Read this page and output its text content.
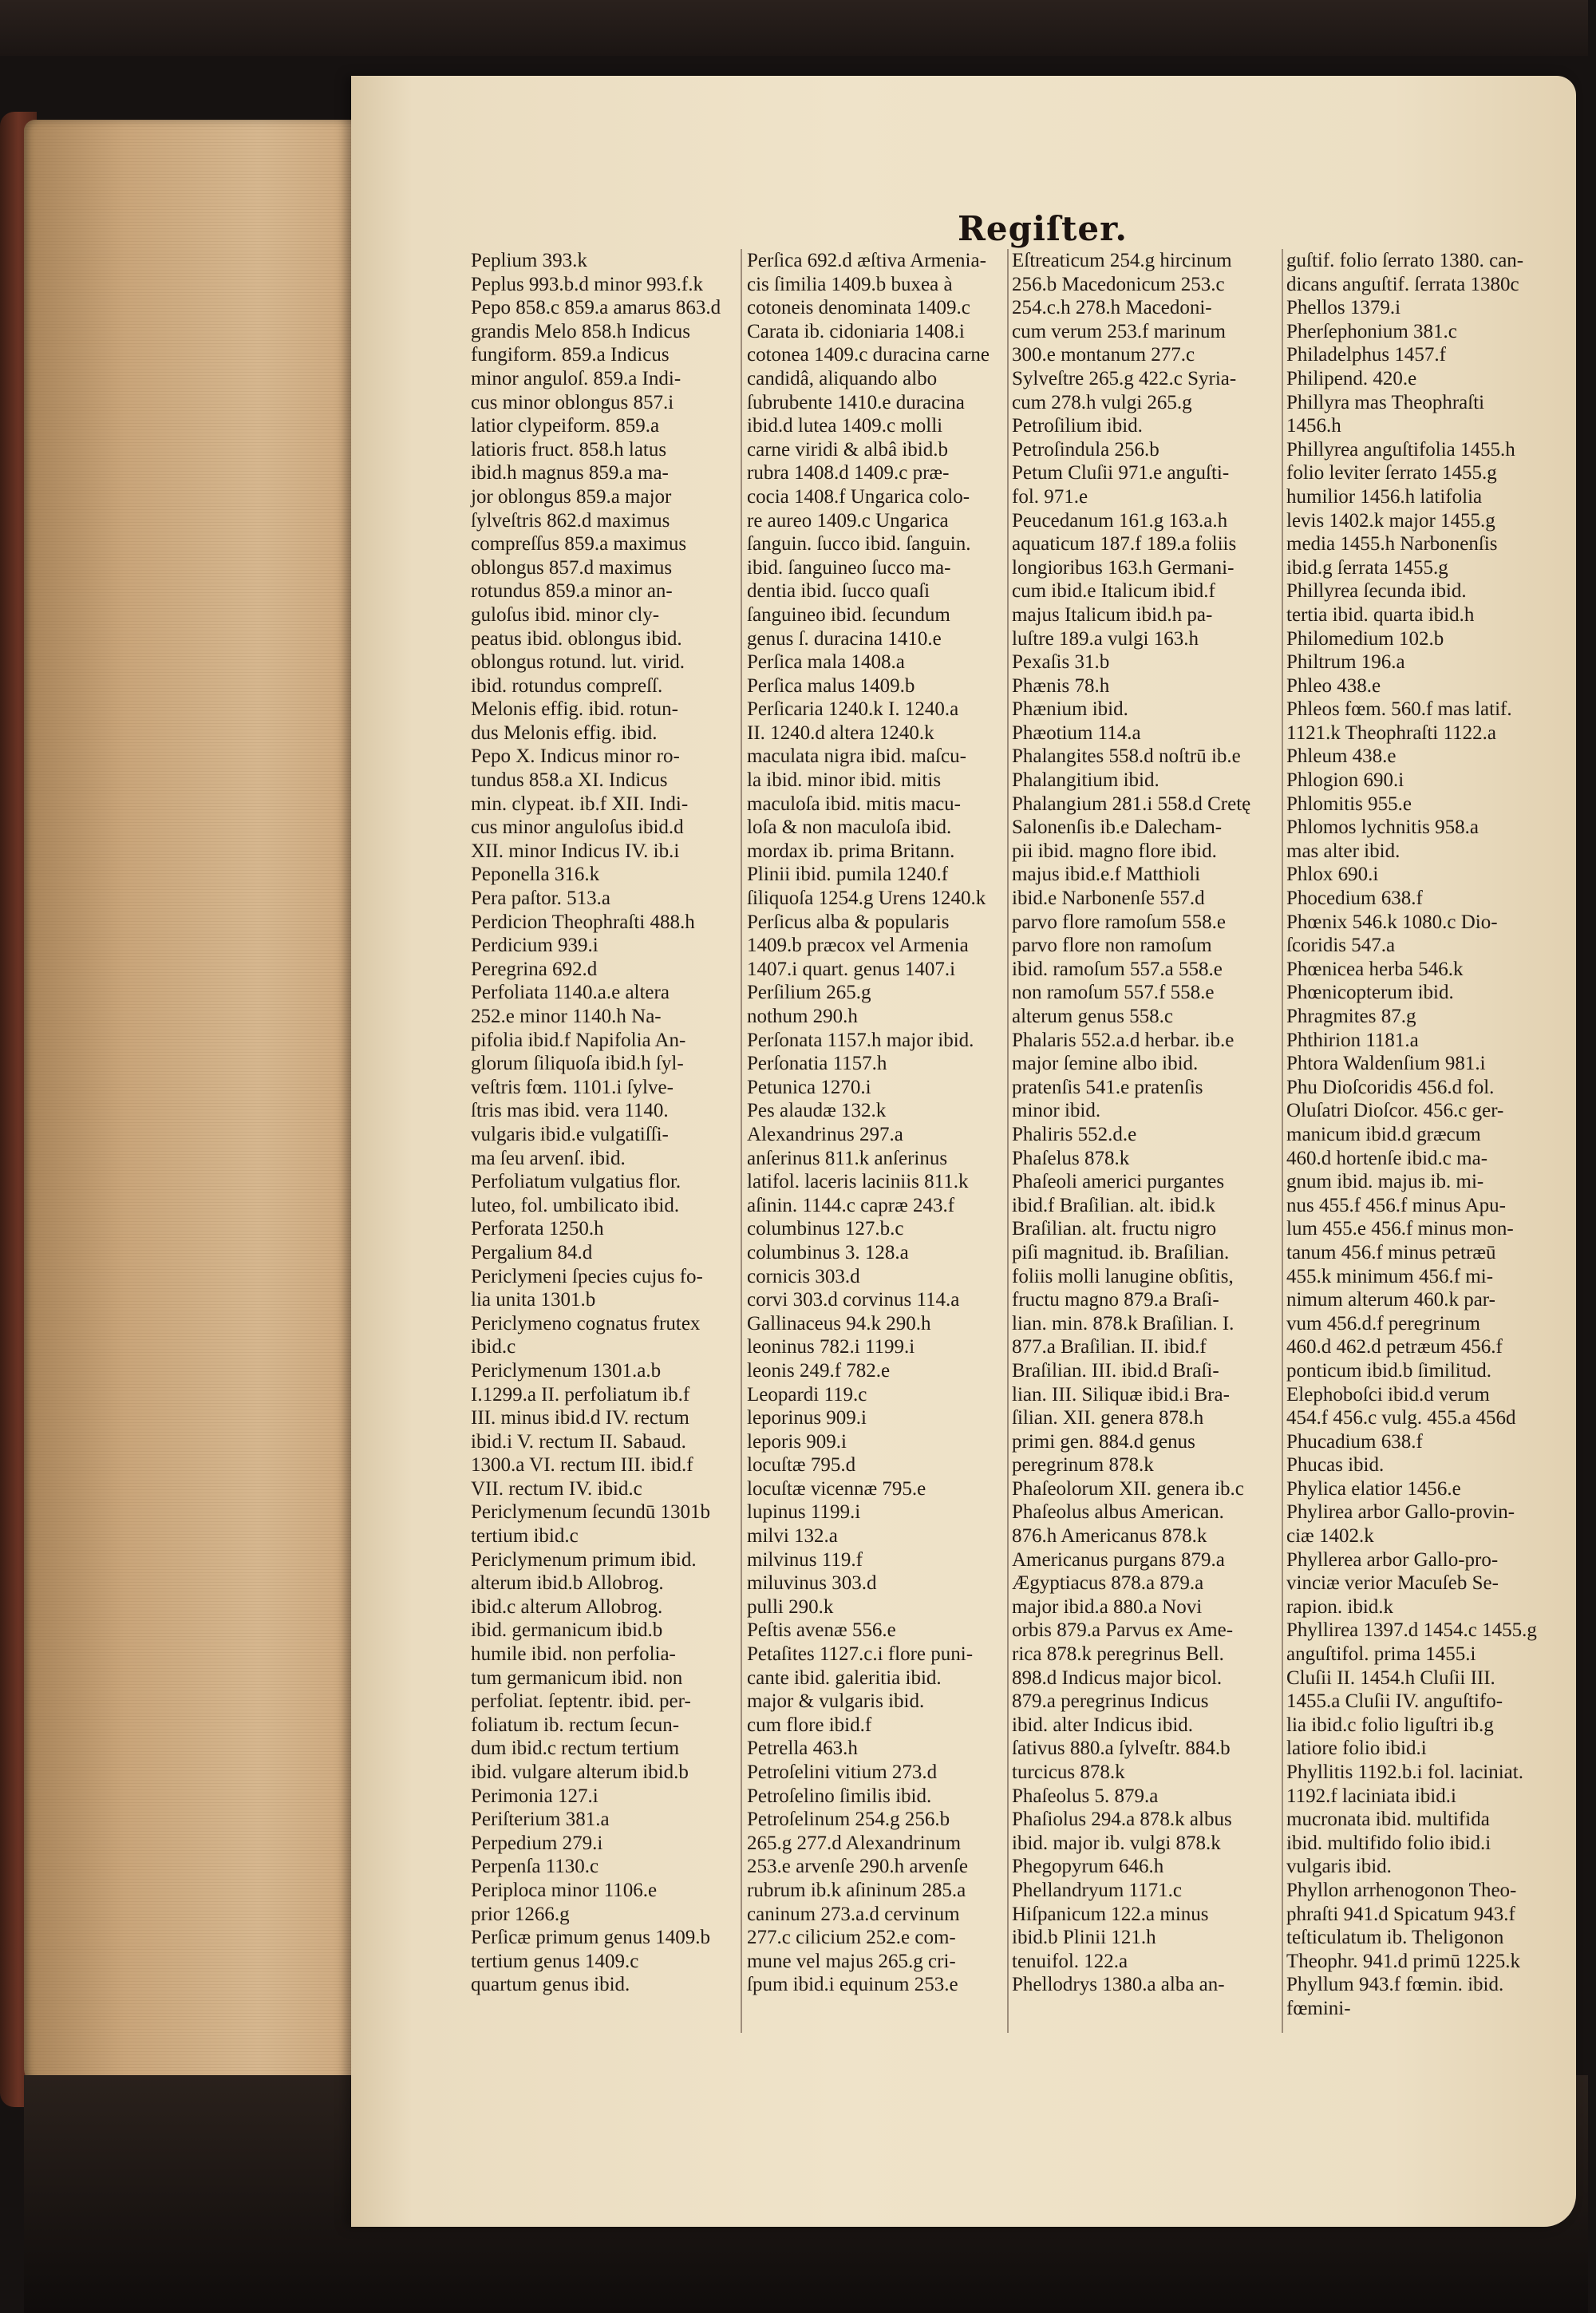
Regiſter.
Peplium 393.k
Peplus 993.b.d minor 993.f.k
Pepo 858.c 859.a amarus 863.d
grandis Melo 858.h Indicus
fungiform. 859.a Indicus
minor anguloſ. 859.a Indi-
cus minor oblongus 857.i
latior clypeiform. 859.a
latioris fruct. 858.h latus
ibid.h magnus 859.a ma-
jor oblongus 859.a major
ſylveſtris 862.d maximus
compreſſus 859.a maximus
oblongus 857.d maximus
rotundus 859.a minor an-
guloſus ibid. minor cly-
peatus ibid. oblongus ibid.
oblongus rotund. lut. virid.
ibid. rotundus compreſſ.
Melonis effig. ibid. rotun-
dus Melonis effig. ibid.
Pepo X. Indicus minor ro-
tundus 858.a XI. Indicus
min. clypeat. ib.f XII. Indi-
cus minor anguloſus ibid.d
XII. minor Indicus IV. ib.i
Peponella 316.k
Pera paſtor. 513.a
Perdicion Theophraſti 488.h
Perdicium 939.i
Peregrina 692.d
Perfoliata 1140.a.e altera
252.e minor 1140.h Na-
pifolia ibid.f Napifolia An-
glorum ſiliquoſa ibid.h ſyl-
veſtris fœm. 1101.i ſylve-
ſtris mas ibid. vera 1140.
vulgaris ibid.e vulgatiſſi-
ma ſeu arvenſ. ibid.
Perfoliatum vulgatius flor.
luteo, fol. umbilicato ibid.
Perforata 1250.h
Pergalium 84.d
Periclymeni ſpecies cujus fo-
lia unita 1301.b
Periclymeno cognatus frutex
ibid.c
Periclymenum 1301.a.b
I.1299.a II. perfoliatum ib.f
III. minus ibid.d IV. rectum
ibid.i V. rectum II. Sabaud.
1300.a VI. rectum III. ibid.f
VII. rectum IV. ibid.c
Periclymenum ſecundū 1301b
tertium ibid.c
Periclymenum primum ibid.
alterum ibid.b Allobrog.
ibid.c alterum Allobrog.
ibid. germanicum ibid.b
humile ibid. non perfolia-
tum germanicum ibid. non
perfoliat. ſeptentr. ibid. per-
foliatum ib. rectum ſecun-
dum ibid.c rectum tertium
ibid. vulgare alterum ibid.b
Perimonia 127.i
Periſterium 381.a
Perpedium 279.i
Perpenſa 1130.c
Periploca minor 1106.e
prior 1266.g
Perſicæ primum genus 1409.b
tertium genus 1409.c
quartum genus ibid.
Perſica 692.d æſtiva Armenia-
cis ſimilia 1409.b buxea à
cotoneis denominata 1409.c
Carata ib. cidoniaria 1408.i
cotonea 1409.c duracina carne
candidâ, aliquando albo
ſubrubente 1410.e duracina
ibid.d lutea 1409.c molli
carne viridi & albâ ibid.b
rubra 1408.d 1409.c præ-
cocia 1408.f Ungarica colo-
re aureo 1409.c Ungarica
ſanguin. ſucco ibid. ſanguin.
ibid. ſanguineo ſucco ma-
dentia ibid. ſucco quaſi
ſanguineo ibid. ſecundum
genus ſ. duracina 1410.e
Perſica mala 1408.a
Perſica malus 1409.b
Perſicaria 1240.k I. 1240.a
II. 1240.d altera 1240.k
maculata nigra ibid. maſcu-
la ibid. minor ibid. mitis
maculoſa ibid. mitis macu-
loſa & non maculoſa ibid.
mordax ib. prima Britann.
Plinii ibid. pumila 1240.f
ſiliquoſa 1254.g Urens 1240.k
Perſicus alba & popularis
1409.b præcox vel Armenia
1407.i quart. genus 1407.i
Perſilium 265.g
nothum 290.h
Perſonata 1157.h major ibid.
Perſonatia 1157.h
Petunica 1270.i
Pes alaudæ 132.k
Alexandrinus 297.a
anſerinus 811.k anſerinus
latifol. laceris laciniis 811.k
aſinin. 1144.c capræ 243.f
columbinus 127.b.c
columbinus 3. 128.a
cornicis 303.d
corvi 303.d corvinus 114.a
Gallinaceus 94.k 290.h
leoninus 782.i 1199.i
leonis 249.f 782.e
Leopardi 119.c
leporinus 909.i
leporis 909.i
locuſtæ 795.d
locuſtæ vicennæ 795.e
lupinus 1199.i
milvi 132.a
milvinus 119.f
miluvinus 303.d
pulli 290.k
Peſtis avenæ 556.e
Petaſites 1127.c.i flore puni-
cante ibid. galeritia ibid.
major & vulgaris ibid.
cum flore ibid.f
Petrella 463.h
Petroſelini vitium 273.d
Petroſelino ſimilis ibid.
Petroſelinum 254.g 256.b
265.g 277.d Alexandrinum
253.e arvenſe 290.h arvenſe
rubrum ib.k aſininum 285.a
caninum 273.a.d cervinum
277.c cilicium 252.e com-
mune vel majus 265.g cri-
ſpum ibid.i equinum 253.e
Eſtreaticum 254.g hircinum
256.b Macedonicum 253.c
254.c.h 278.h Macedoni-
cum verum 253.f marinum
300.e montanum 277.c
Sylveſtre 265.g 422.c Syria-
cum 278.h vulgi 265.g
Petroſilium ibid.
Petroſindula 256.b
Petum Cluſii 971.e anguſti-
fol. 971.e
Peucedanum 161.g 163.a.h
aquaticum 187.f 189.a foliis
longioribus 163.h Germani-
cum ibid.e Italicum ibid.f
majus Italicum ibid.h pa-
luſtre 189.a vulgi 163.h
Pexaſis 31.b
Phænis 78.h
Phænium ibid.
Phæotium 114.a
Phalangites 558.d noſtrū ib.e
Phalangitium ibid.
Phalangium 281.i 558.d Cretę
Salonenſis ib.e Dalecham-
pii ibid. magno flore ibid.
majus ibid.e.f Matthioli
ibid.e Narbonenſe 557.d
parvo flore ramoſum 558.e
parvo flore non ramoſum
ibid. ramoſum 557.a 558.e
non ramoſum 557.f 558.e
alterum genus 558.c
Phalaris 552.a.d herbar. ib.e
major ſemine albo ibid.
pratenſis 541.e pratenſis
minor ibid.
Phaliris 552.d.e
Phaſelus 878.k
Phaſeoli americi purgantes
ibid.f Braſilian. alt. ibid.k
Braſilian. alt. fructu nigro
piſi magnitud. ib. Braſilian.
foliis molli lanugine obſitis,
fructu magno 879.a Braſi-
lian. min. 878.k Braſilian. I.
877.a Braſilian. II. ibid.f
Braſilian. III. ibid.d Braſi-
lian. III. Siliquæ ibid.i Bra-
ſilian. XII. genera 878.h
primi gen. 884.d genus
peregrinum 878.k
Phaſeolorum XII. genera ib.c
Phaſeolus albus American.
876.h Americanus 878.k
Americanus purgans 879.a
Ægyptiacus 878.a 879.a
major ibid.a 880.a Novi
orbis 879.a Parvus ex Ame-
rica 878.k peregrinus Bell.
898.d Indicus major bicol.
879.a peregrinus Indicus
ibid. alter Indicus ibid.
ſativus 880.a ſylveſtr. 884.b
turcicus 878.k
Phaſeolus 5. 879.a
Phaſiolus 294.a 878.k albus
ibid. major ib. vulgi 878.k
Phegopyrum 646.h
Phellandryum 1171.c
Hiſpanicum 122.a minus
ibid.b Plinii 121.h
tenuifol. 122.a
Phellodrys 1380.a alba an-
guſtif. folio ſerrato 1380. can-
dicans anguſtif. ſerrata 1380c
Phellos 1379.i
Pherſephonium 381.c
Philadelphus 1457.f
Philipend. 420.e
Phillyra mas Theophraſti
1456.h
Phillyrea anguſtifolia 1455.h
folio leviter ſerrato 1455.g
humilior 1456.h latifolia
levis 1402.k major 1455.g
media 1455.h Narbonenſis
ibid.g ſerrata 1455.g
Phillyrea ſecunda ibid.
tertia ibid. quarta ibid.h
Philomedium 102.b
Philtrum 196.a
Phleo 438.e
Phleos fœm. 560.f mas latif.
1121.k Theophraſti 1122.a
Phleum 438.e
Phlogion 690.i
Phlomitis 955.e
Phlomos lychnitis 958.a
mas alter ibid.
Phlox 690.i
Phocedium 638.f
Phœnix 546.k 1080.c Dio-
ſcoridis 547.a
Phœnicea herba 546.k
Phœnicopterum ibid.
Phragmites 87.g
Phthirion 1181.a
Phtora Waldenſium 981.i
Phu Dioſcoridis 456.d fol.
Oluſatri Dioſcor. 456.c ger-
manicum ibid.d græcum
460.d hortenſe ibid.c ma-
gnum ibid. majus ib. mi-
nus 455.f 456.f minus Apu-
lum 455.e 456.f minus mon-
tanum 456.f minus petræū
455.k minimum 456.f mi-
nimum alterum 460.k par-
vum 456.d.f peregrinum
460.d 462.d petræum 456.f
ponticum ibid.b ſimilitud.
Elephoboſci ibid.d verum
454.f 456.c vulg. 455.a 456d
Phucadium 638.f
Phucas ibid.
Phylica elatior 1456.e
Phylirea arbor Gallo-provin-
ciæ 1402.k
Phyllerea arbor Gallo-pro-
vinciæ verior Macuſeb Se-
rapion. ibid.k
Phyllirea 1397.d 1454.c 1455.g
anguſtifol. prima 1455.i
Cluſii II. 1454.h Cluſii III.
1455.a Cluſii IV. anguſtifo-
lia ibid.c folio liguſtri ib.g
latiore folio ibid.i
Phyllitis 1192.b.i fol. laciniat.
1192.f laciniata ibid.i
mucronata ibid. multifida
ibid. multifido folio ibid.i
vulgaris ibid.
Phyllon arrhenogonon Theo-
phraſti 941.d Spicatum 943.f
teſticulatum ib. Theligonon
Theophr. 941.d primū 1225.k
Phyllum 943.f fœmin. ibid.
fœmini-
